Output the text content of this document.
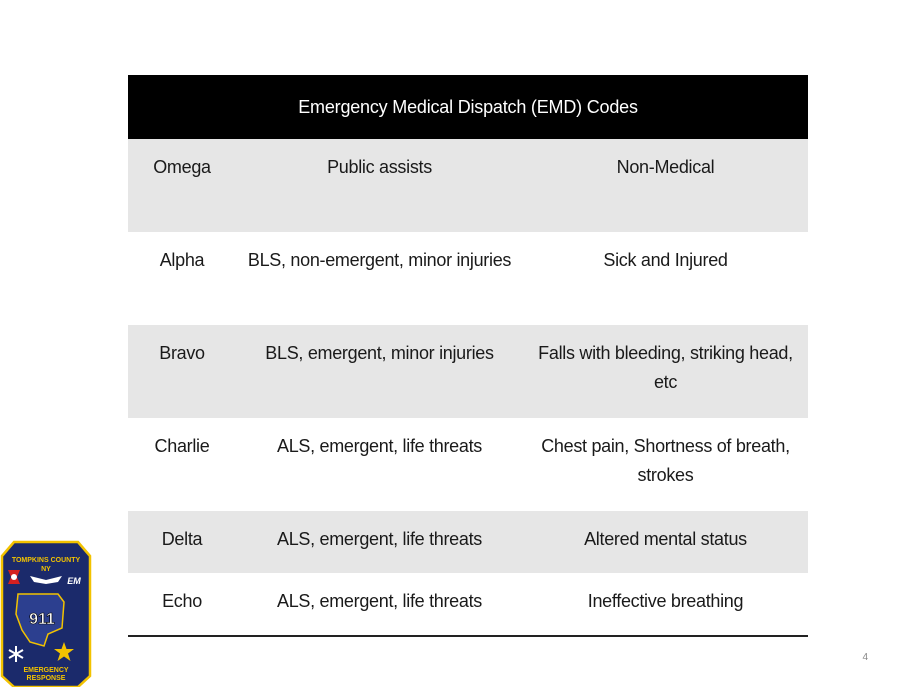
Emergency Medical Dispatch (EMD) Codes		
Omega	Public assists	Non-Medical
Alpha	BLS, non-emergent, minor injuries	Sick and Injured
Bravo	BLS, emergent, minor injuries	Falls with bleeding, striking head, etc
Charlie	ALS, emergent, life threats	Chest pain, Shortness of breath, strokes
Delta	ALS, emergent, life threats	Altered mental status
Echo	ALS, emergent, life threats	Ineffective breathing
4
TOMPKINS COUNTY
NY
EM
911
EMERGENCY
RESPONSE
